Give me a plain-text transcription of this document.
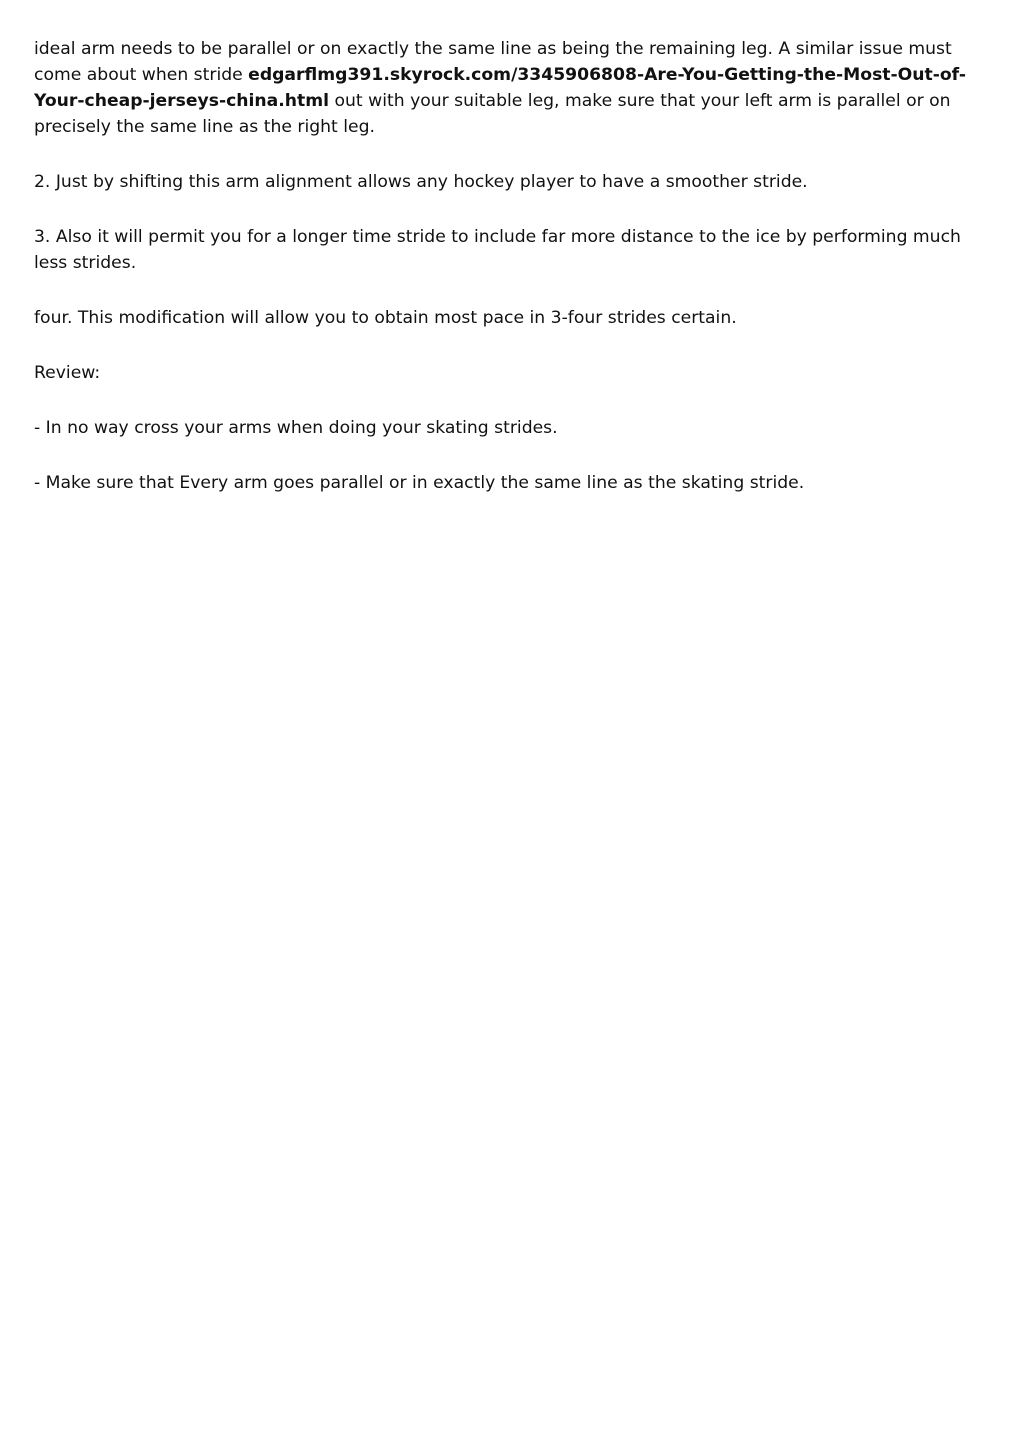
ideal arm needs to be parallel or on exactly the same line as being the remaining leg. A similar issue must come about when stride edgarflmg391.skyrock.com/3345906808-Are-You-Getting-the-Most-Out-of-Your-cheap-jerseys-china.html out with your suitable leg, make sure that your left arm is parallel or on precisely the same line as the right leg.

2. Just by shifting this arm alignment allows any hockey player to have a smoother stride.

3. Also it will permit you for a longer time stride to include far more distance to the ice by performing much less strides.

four. This modification will allow you to obtain most pace in 3-four strides certain.

Review:

- In no way cross your arms when doing your skating strides.

- Make sure that Every arm goes parallel or in exactly the same line as the skating stride.
